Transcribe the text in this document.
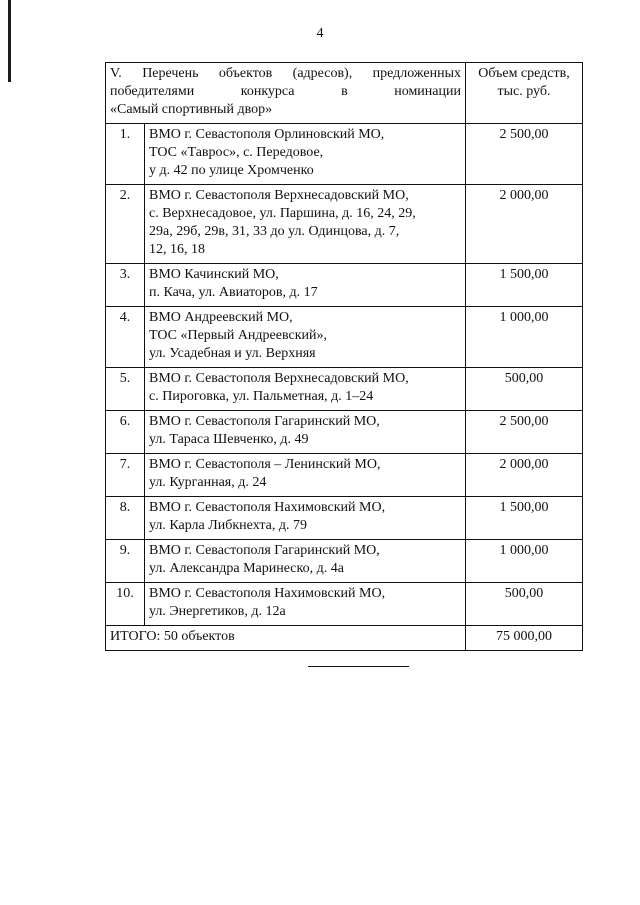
4
V. Перечень объектов (адресов), предложенных
победителями конкурса в номинации
«Самый спортивный двор»		Объем средств,
тыс. руб.

1.	ВМО г. Севастополя Орлиновский МО,
ТОС «Таврос», с. Передовое,
у д. 42 по улице Хромченко	2 500,00
2.	ВМО г. Севастополя Верхнесадовский МО,
с. Верхнесадовое, ул. Паршина, д. 16, 24, 29,
29а, 29б, 29в, 31, 33 до ул. Одинцова, д. 7,
12, 16, 18	2 000,00
3.	ВМО Качинский МО,
п. Кача, ул. Авиаторов, д. 17	1 500,00
4.	ВМО Андреевский МО,
ТОС «Первый Андреевский»,
ул. Усадебная и ул. Верхняя	1 000,00
5.	ВМО г. Севастополя Верхнесадовский МО,
с. Пироговка, ул. Пальметная, д. 1–24	500,00
6.	ВМО г. Севастополя Гагаринский МО,
ул. Тараса Шевченко, д. 49	2 500,00
7.	ВМО г. Севастополя – Ленинский МО,
ул. Курганная, д. 24	2 000,00
8.	ВМО г. Севастополя Нахимовский МО,
ул. Карла Либкнехта, д. 79	1 500,00
9.	ВМО г. Севастополя Гагаринский МО,
ул. Александра Маринеско, д. 4а	1 000,00
10.	ВМО г. Севастополя Нахимовский МО,
ул. Энергетиков, д. 12а	500,00
ИТОГО: 50 объектов		75 000,00
